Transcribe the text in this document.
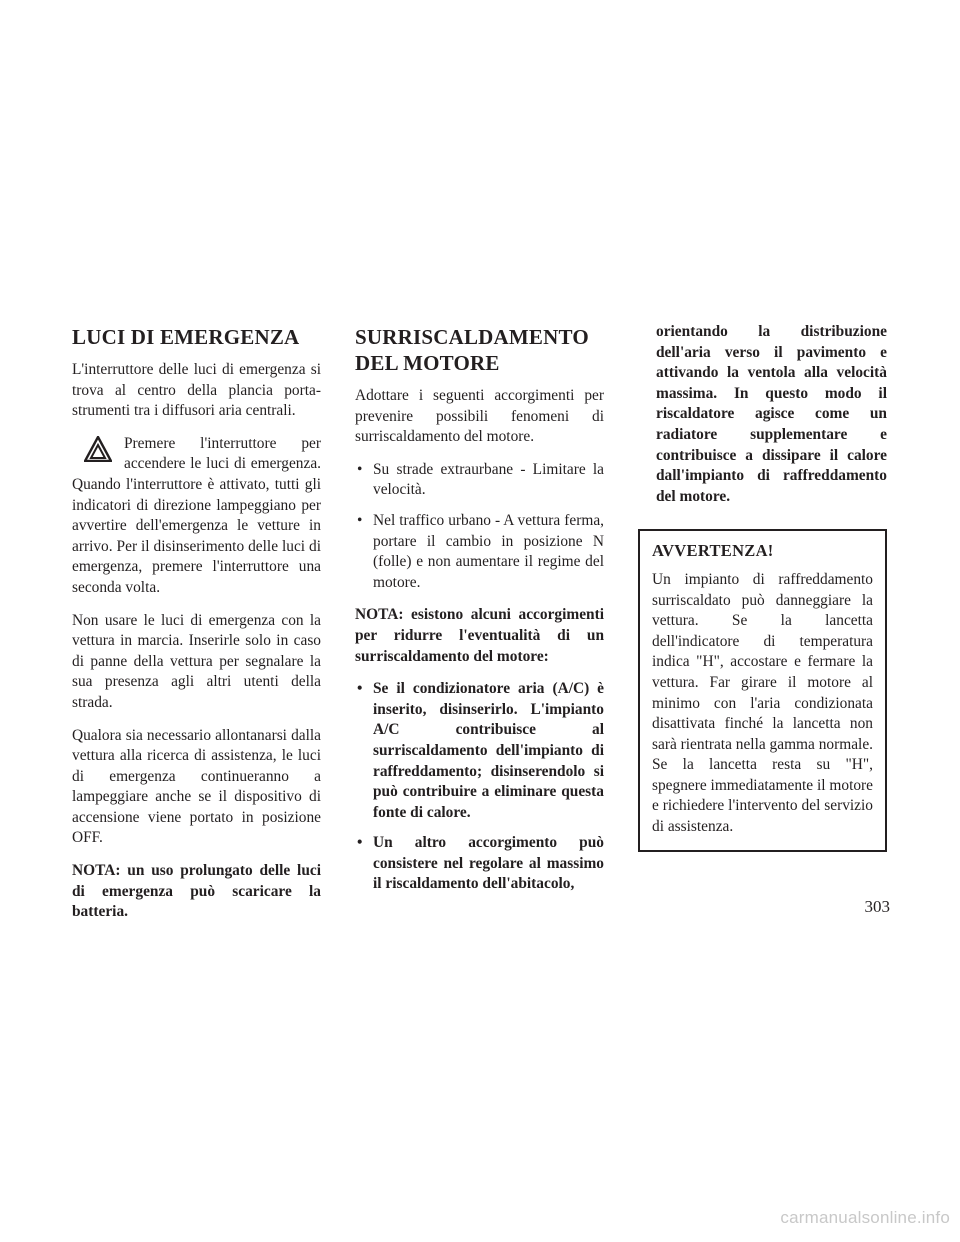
LUCI DI EMERGENZA

L'interruttore delle luci di emergenza si trova al centro della plancia porta-strumenti tra i diffusori aria centrali.

Premere l'interruttore per accendere le luci di emergenza. Quando l'interruttore è attivato, tutti gli indicatori di direzione lampeggiano per avvertire dell'emergenza le vetture in arrivo. Per il disinserimento delle luci di emergenza, premere l'interruttore una seconda volta.

Non usare le luci di emergenza con la vettura in marcia. Inserirle solo in caso di panne della vettura per segnalare la sua presenza agli altri utenti della strada.

Qualora sia necessario allontanarsi dalla vettura alla ricerca di assistenza, le luci di emergenza continueranno a lampeggiare anche se il dispositivo di accensione viene portato in posizione OFF.

NOTA: un uso prolungato delle luci di emergenza può scaricare la batteria.

SURRISCALDAMENTO
DEL MOTORE

Adottare i seguenti accorgimenti per prevenire possibili fenomeni di surriscaldamento del motore.

• Su strade extraurbane - Limitare la velocità.
• Nel traffico urbano - A vettura ferma, portare il cambio in posizione N (folle) e non aumentare il regime del motore.

NOTA: esistono alcuni accorgimenti per ridurre l'eventualità di un surriscaldamento del motore:

• Se il condizionatore aria (A/C) è inserito, disinserirlo. L'impianto A/C contribuisce al surriscaldamento dell'impianto di raffreddamento; disinserendolo si può contribuire a eliminare questa fonte di calore.
• Un altro accorgimento può consistere nel regolare al massimo il riscaldamento dell'abitacolo,

orientando la distribuzione dell'aria verso il pavimento e attivando la ventola alla velocità massima. In questo modo il riscaldatore agisce come un radiatore supplementare e contribuisce a dissipare il calore dall'impianto di raffreddamento del motore.

AVVERTENZA!

Un impianto di raffreddamento surriscaldato può danneggiare la vettura. Se la lancetta dell'indicatore di temperatura indica "H", accostare e fermare la vettura. Far girare il motore al minimo con l'aria condizionata disattivata finché la lancetta non sarà rientrata nella gamma normale. Se la lancetta resta su "H", spegnere immediatamente il motore e richiedere l'intervento del servizio di assistenza.

303
carmanualsonline.info
